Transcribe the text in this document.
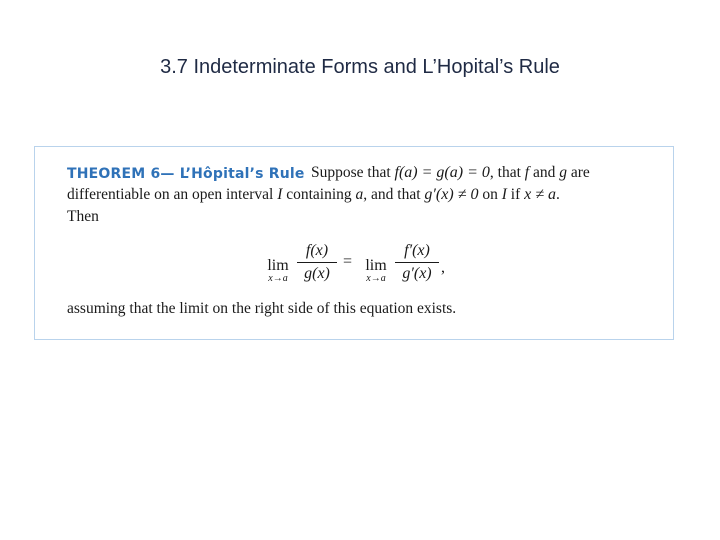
3.7 Indeterminate Forms and L’Hopital’s Rule
THEOREM 6— L’Hôpital’s Rule Suppose that f(a) = g(a) = 0, that f and g are
differentiable on an open interval I containing a, and that g′(x) ≠ 0 on I if x ≠ a.
Then
lim
x→a
f(x)
g(x)
= lim
x→a
f′(x)
g′(x) ,
assuming that the limit on the right side of this equation exists.
